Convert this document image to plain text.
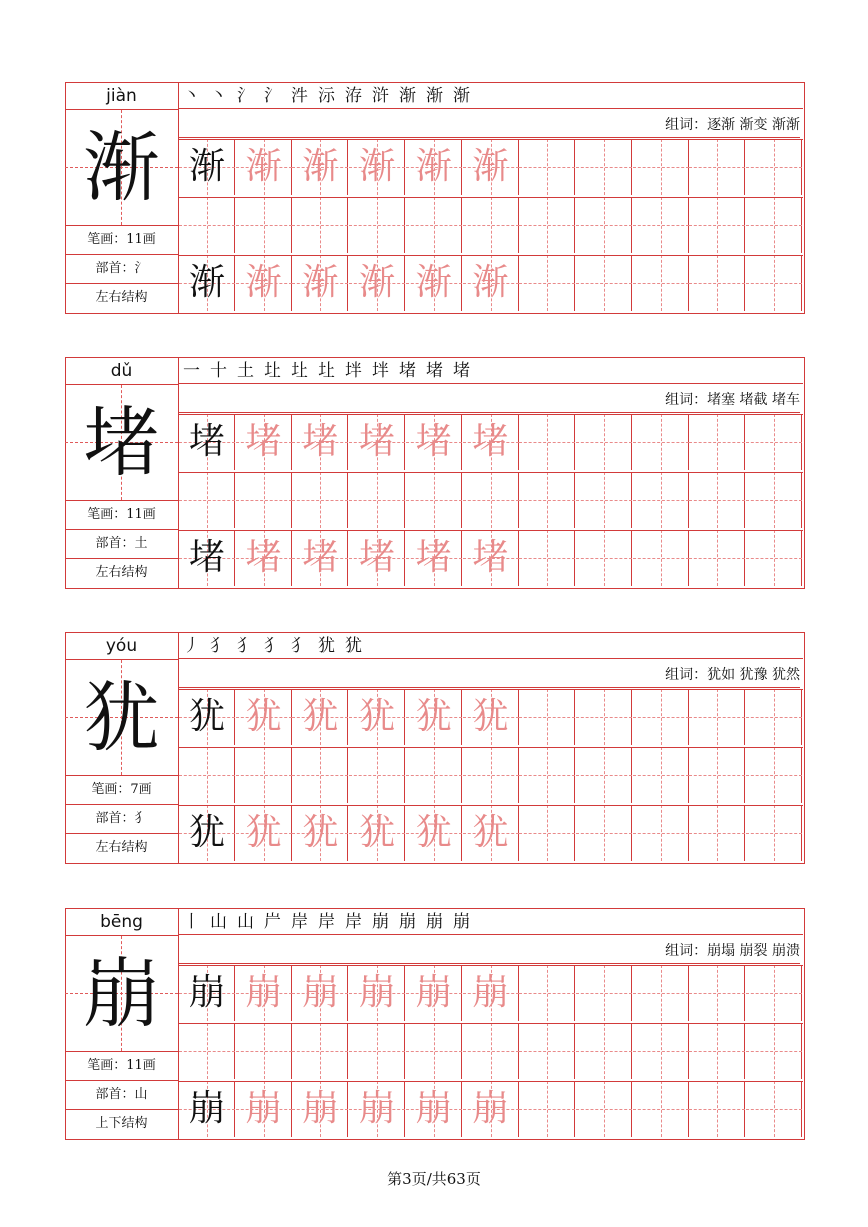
jiàn
渐
笔画：11画
部首：氵
左右结构
丶 丶 氵 氵 汼 沶 洊 浒 渐 渐 渐
组词：逐渐 渐变 渐渐
渐 渐 渐 渐 渐 渐
渐 渐 渐 渐 渐 渐
dǔ
堵
笔画：11画
部首：土
左右结构
一 十 土 圵 圵 圵 坢 坢 堵 堵 堵
组词：堵塞 堵截 堵车
堵 堵 堵 堵 堵 堵
堵 堵 堵 堵 堵 堵
yóu
犹
笔画：7画
部首：犭
左右结构
丿 犭 犭 犭 犭 犹 犹
组词：犹如 犹豫 犹然
犹 犹 犹 犹 犹 犹
犹 犹 犹 犹 犹 犹
bēng
崩
笔画：11画
部首：山
上下结构
丨 山 山 屵 岸 岸 岸 崩 崩 崩 崩
组词：崩塌 崩裂 崩溃
崩 崩 崩 崩 崩 崩
崩 崩 崩 崩 崩 崩
第3页/共63页
